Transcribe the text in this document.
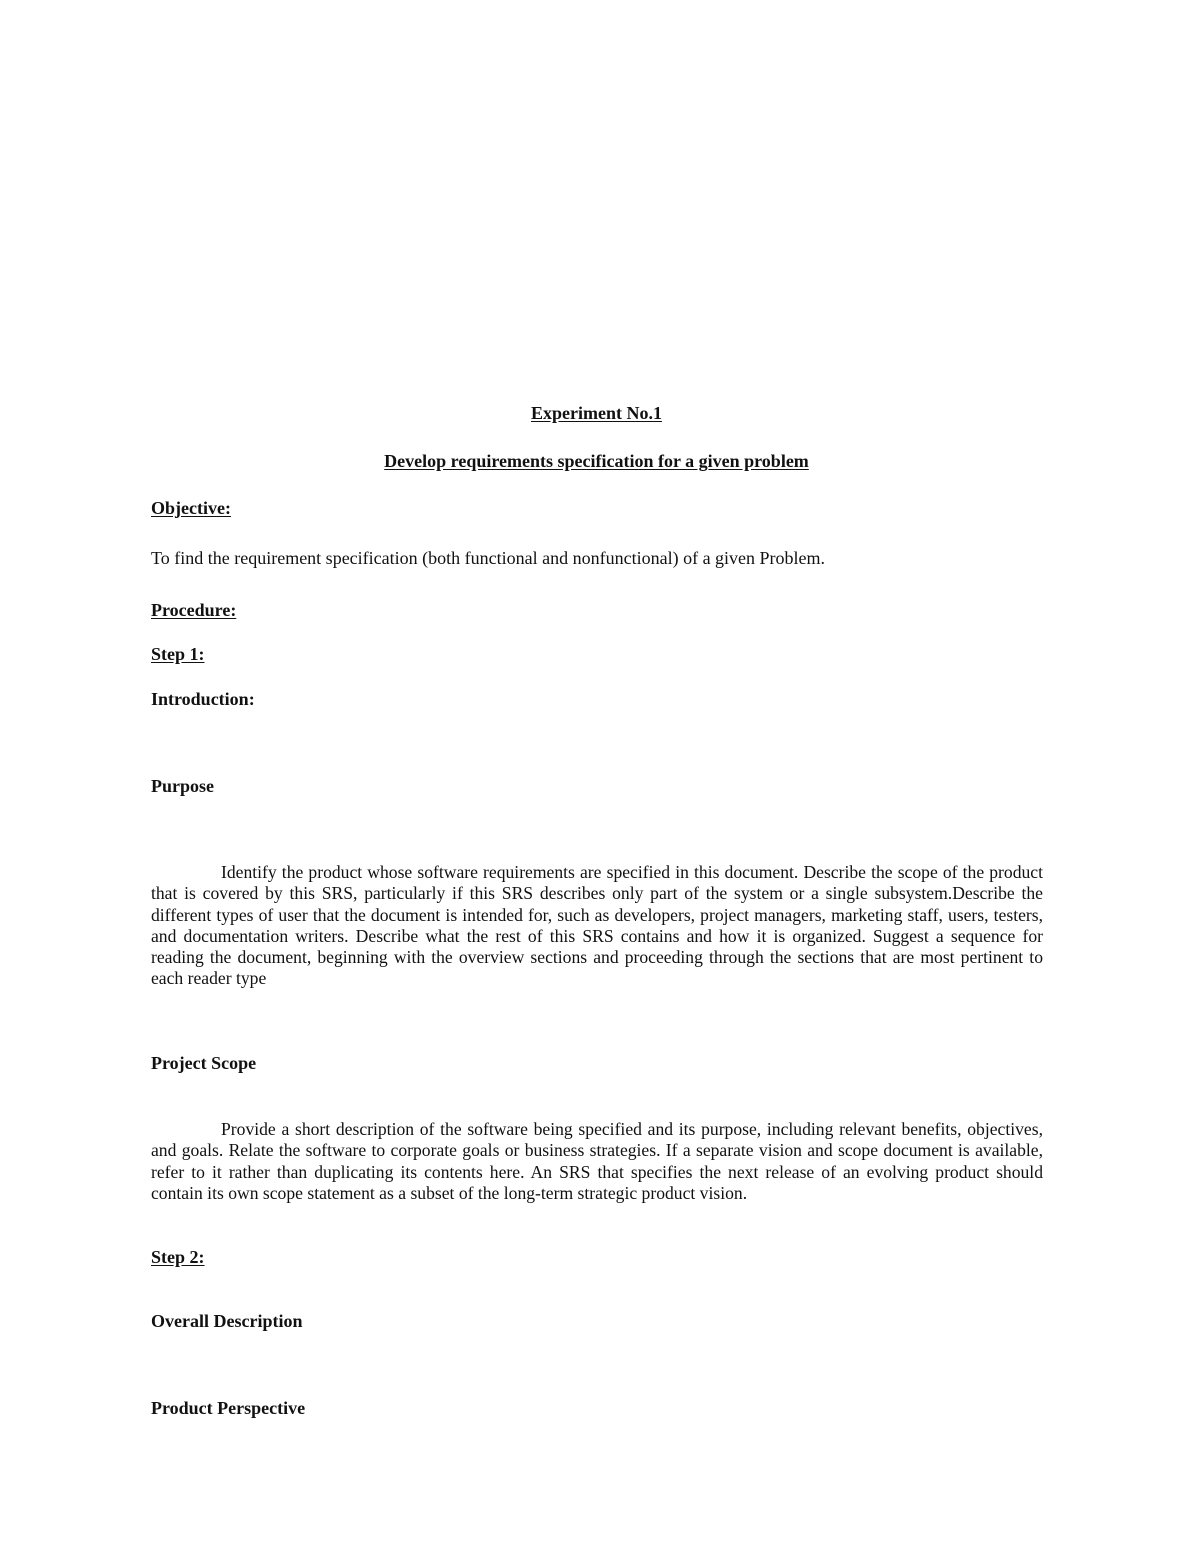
Experiment No.1

Develop requirements specification for a given problem

Objective:

To find the requirement specification (both functional and nonfunctional) of a given Problem.

Procedure:

Step 1:

Introduction:

Purpose

Identify the product whose software requirements are specified in this document. Describe the scope of the product that is covered by this SRS, particularly if this SRS describes only part of the system or a single subsystem.Describe the different types of user that the document is intended for, such as developers, project managers, marketing staff, users, testers, and documentation writers. Describe what the rest of this SRS contains and how it is organized. Suggest a sequence for reading the document, beginning with the overview sections and proceeding through the sections that are most pertinent to each reader type

Project Scope

Provide a short description of the software being specified and its purpose, including relevant benefits, objectives, and goals. Relate the software to corporate goals or business strategies. If a separate vision and scope document is available, refer to it rather than duplicating its contents here. An SRS that specifies the next release of an evolving product should contain its own scope statement as a subset of the long-term strategic product vision.

Step 2:

Overall Description

Product Perspective
